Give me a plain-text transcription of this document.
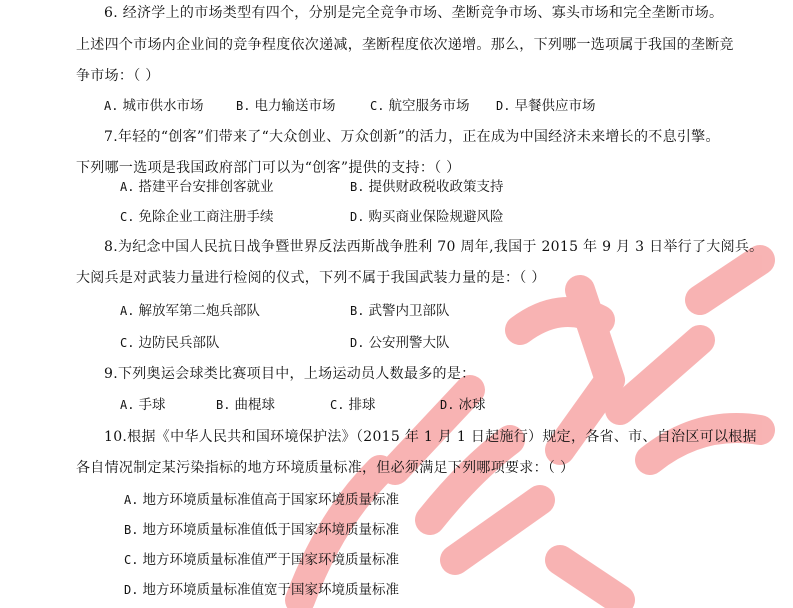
6. 经济学上的市场类型有四个，分别是完全竞争市场、垄断竞争市场、寡头市场和完全垄断市场。
上述四个市场内企业间的竞争程度依次递减，垄断程度依次递增。那么，下列哪一选项属于我国的垄断竞
争市场：（ ）
A. 城市供水市场	B. 电力输送市场	C. 航空服务市场 D. 早餐供应市场
7.年轻的“创客”们带来了“大众创业、万众创新”的活力，正在成为中国经济未来增长的不息引擎。
下列哪一选项是我国政府部门可以为“创客”提供的支持：（ ）
A. 搭建平台安排创客就业	B. 提供财政税收政策支持
C. 免除企业工商注册手续	D. 购买商业保险规避风险
8.为纪念中国人民抗日战争暨世界反法西斯战争胜利 70 周年,我国于 2015 年 9 月 3 日举行了大阅兵。
大阅兵是对武装力量进行检阅的仪式，下列不属于我国武装力量的是：（ ）
A. 解放军第二炮兵部队	B. 武警内卫部队
C. 边防民兵部队	D. 公安刑警大队
9.下列奥运会球类比赛项目中，上场运动员人数最多的是：
A. 手球	B. 曲棍球	C. 排球	D. 冰球
10.根据《中华人民共和国环境保护法》（2015 年 1 月 1 日起施行）规定，各省、市、自治区可以根据
各自情况制定某污染指标的地方环境质量标准，但必须满足下列哪项要求：（ ）
A. 地方环境质量标准值高于国家环境质量标准
B. 地方环境质量标准值低于国家环境质量标准
C. 地方环境质量标准值严于国家环境质量标准
D. 地方环境质量标准值宽于国家环境质量标准
